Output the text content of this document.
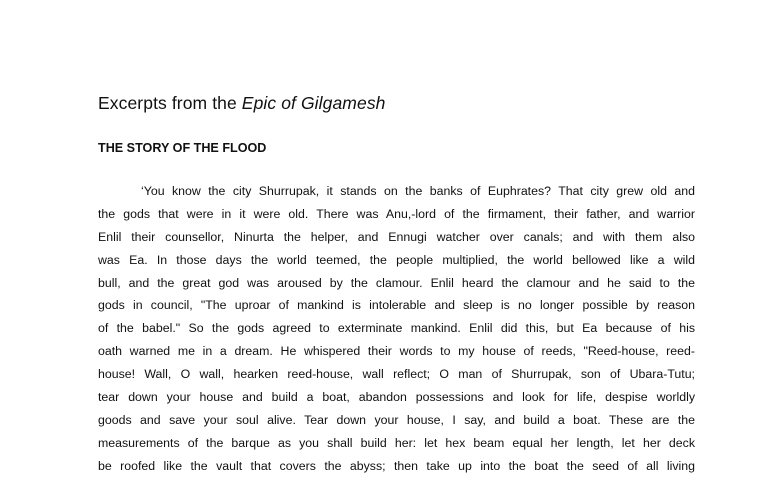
Excerpts from the Epic of Gilgamesh
THE STORY OF THE FLOOD
‘You know the city Shurrupak, it stands on the banks of Euphrates? That city grew old and
the gods that were in it were old. There was Anu,-lord of the firmament, their father, and warrior
Enlil their counsellor, Ninurta the helper, and Ennugi watcher over canals; and with them also
was Ea. In those days the world teemed, the people multiplied, the world bellowed like a wild
bull, and the great god was aroused by the clamour. Enlil heard the clamour and he said to the
gods in council, "The uproar of mankind is intolerable and sleep is no longer possible by reason
of the babel." So the gods agreed to exterminate mankind. Enlil did this, but Ea because of his
oath warned me in a dream. He whispered their words to my house of reeds, "Reed-house, reed-
house! Wall, O wall, hearken reed-house, wall reflect; O man of Shurrupak, son of Ubara-Tutu;
tear down your house and build a boat, abandon possessions and look for life, despise worldly
goods and save your soul alive. Tear down your house, I say, and build a boat. These are the
measurements of the barque as you shall build her: let hex beam equal her length, let her deck
be roofed like the vault that covers the abyss; then take up into the boat the seed of all living
